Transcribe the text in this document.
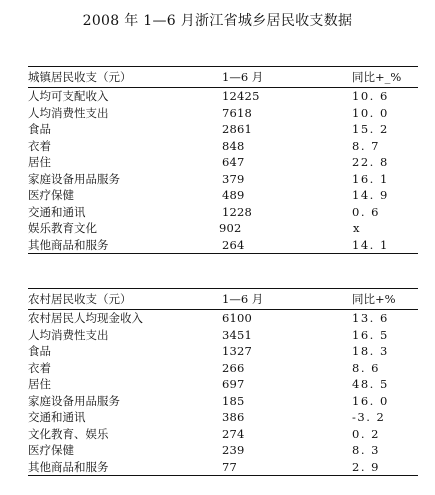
2008 年 1—6 月浙江省城乡居民收支数据
城镇居民收支（元）	1—6 月	同比+_%
人均可支配收入	12425	10. 6
人均消费性支出	7618	10. 0
食品	2861	15. 2
衣着	848	8. 7
居住	647	22. 8
家庭设备用品服务	379	16. 1
医疗保健	489	14. 9
交通和通讯	1228	0. 6
娱乐教育文化	902	x
其他商品和服务	264	14. 1
农村居民收支（元）	1—6 月	同比+%
农村居民人均现金收入	6100	13. 6
人均消费性支出	3451	16. 5
食品	1327	18. 3
衣着	266	8. 6
居住	697	48. 5
家庭设备用品服务	185	16. 0
交通和通讯	386	-3. 2
文化教育、娱乐	274	0. 2
医疗保健	239	8. 3
其他商品和服务	77	2. 9
